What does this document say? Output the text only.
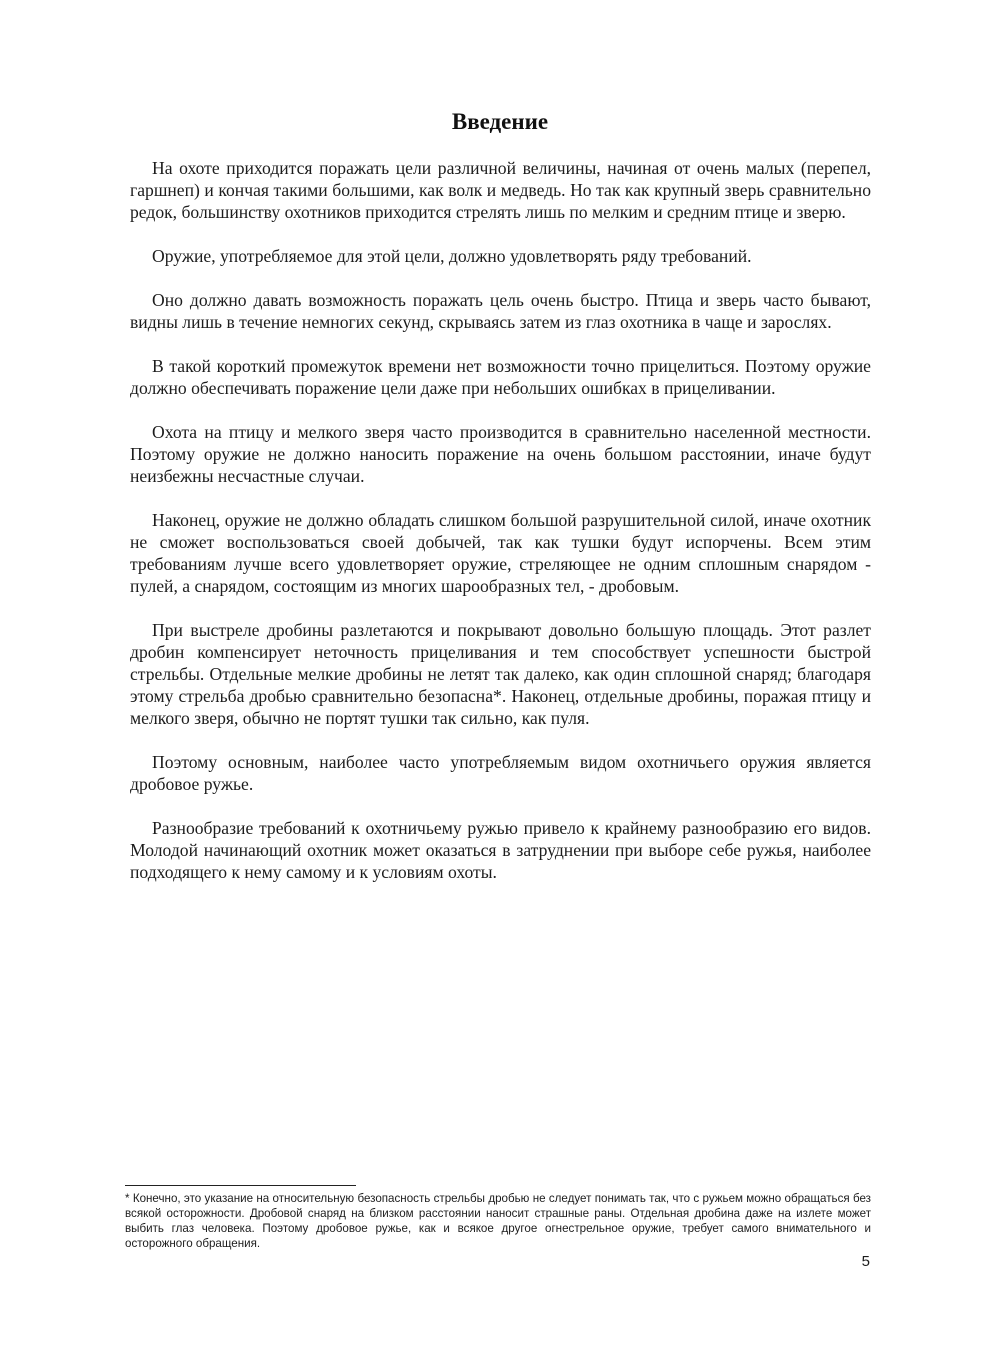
Введение

На охоте приходится поражать цели различной величины, начиная от очень малых (перепел, гаршнеп) и кончая такими большими, как волк и медведь. Но так как крупный зверь сравнительно редок, большинству охотников приходится стрелять лишь по мелким и средним птице и зверю.

Оружие, употребляемое для этой цели, должно удовлетворять ряду требований.

Оно должно давать возможность поражать цель очень быстро. Птица и зверь часто бывают, видны лишь в течение немногих секунд, скрываясь затем из глаз охотника в чаще и зарослях.

В такой короткий промежуток времени нет возможности точно прицелиться. Поэтому оружие должно обеспечивать поражение цели даже при небольших ошибках в прицеливании.

Охота на птицу и мелкого зверя часто производится в сравнительно населенной местности. Поэтому оружие не должно наносить поражение на очень большом расстоянии, иначе будут неизбежны несчастные случаи.

Наконец, оружие не должно обладать слишком большой разрушительной силой, иначе охотник не сможет воспользоваться своей добычей, так как тушки будут испорчены. Всем этим требованиям лучше всего удовлетворяет оружие, стреляющее не одним сплошным снарядом - пулей, а снарядом, состоящим из многих шарообразных тел, - дробовым.

При выстреле дробины разлетаются и покрывают довольно большую площадь. Этот разлет дробин компенсирует неточность прицеливания и тем способствует успешности быстрой стрельбы. Отдельные мелкие дробины не летят так далеко, как один сплошной снаряд; благодаря этому стрельба дробью сравнительно безопасна*. Наконец, отдельные дробины, поражая птицу и мелкого зверя, обычно не портят тушки так сильно, как пуля.

Поэтому основным, наиболее часто употребляемым видом охотничьего оружия является дробовое ружье.

Разнообразие требований к охотничьему ружью привело к крайнему разнообразию его видов. Молодой начинающий охотник может оказаться в затруднении при выборе себе ружья, наиболее подходящего к нему самому и к условиям охоты.

* Конечно, это указание на относительную безопасность стрельбы дробью не следует понимать так, что с ружьем можно обращаться без всякой осторожности. Дробовой снаряд на близком расстоянии наносит страшные раны. Отдельная дробина даже на излете может выбить глаз человека. Поэтому дробовое ружье, как и всякое другое огнестрельное оружие, требует самого внимательного и осторожного обращения.

5
